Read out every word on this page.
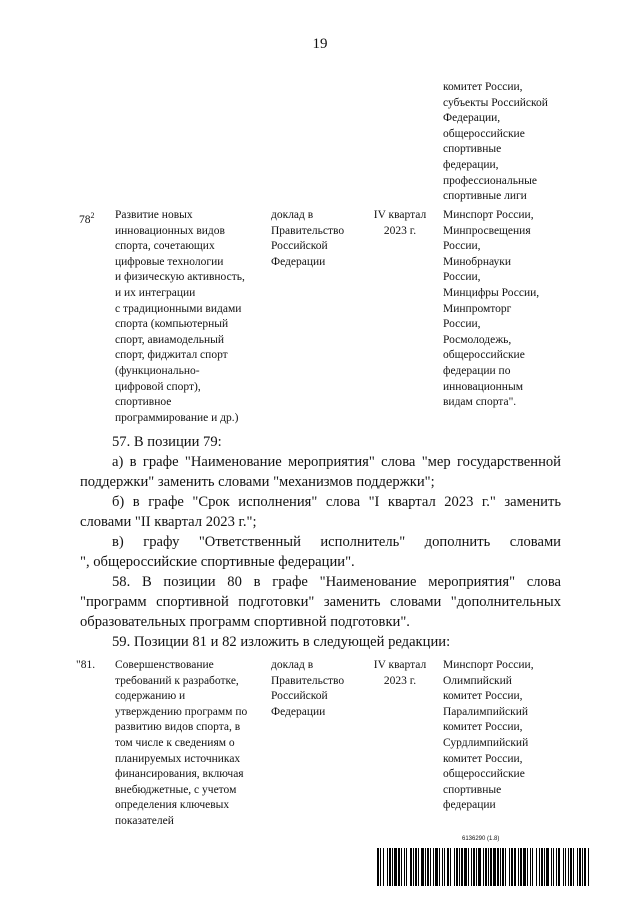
19
комитет России,
субъекты Российской
Федерации,
общероссийские
спортивные
федерации,
профессиональные
спортивные лиги
$78^2$ Развитие новых
инновационных видов
спорта, сочетающих
цифровые технологии
и физическую активность,
и их интеграции
с традиционными видами
спорта (компьютерный
спорт, авиамодельный
спорт, фиджитал спорт
(функционально-
цифровой спорт),
спортивное
программирование и др.)
доклад в
Правительство
Российской
Федерации
IV квартал
2023 г.
Минспорт России,
Минпросвещения
России,
Минобрнауки
России,
Минцифры России,
Минпромторг
России,
Росмолодежь,
общероссийские
федерации по
инновационным
видам спорта".
57. В позиции 79:
а) в графе "Наименование мероприятия" слова "мер государственной
поддержки" заменить словами "механизмов поддержки";
б) в графе "Срок исполнения" слова "I квартал 2023 г." заменить
словами "II квартал 2023 г.";
в) графу "Ответственный исполнитель" дополнить словами
", общероссийские спортивные федерации".
58. В позиции 80 в графе "Наименование мероприятия" слова
"программ спортивной подготовки" заменить словами "дополнительных
образовательных программ спортивной подготовки".
59. Позиции 81 и 82 изложить в следующей редакции:
"81. Совершенствование
требований к разработке,
содержанию и
утверждению программ по
развитию видов спорта, в
том числе к сведениям о
планируемых источниках
финансирования, включая
внебюджетные, с учетом
определения ключевых
показателей
доклад в
Правительство
Российской
Федерации
IV квартал
2023 г.
Минспорт России,
Олимпийский
комитет России,
Паралимпийский
комитет России,
Сурдлимпийский
комитет России,
общероссийские
спортивные
федерации
6136290 (1.8)
